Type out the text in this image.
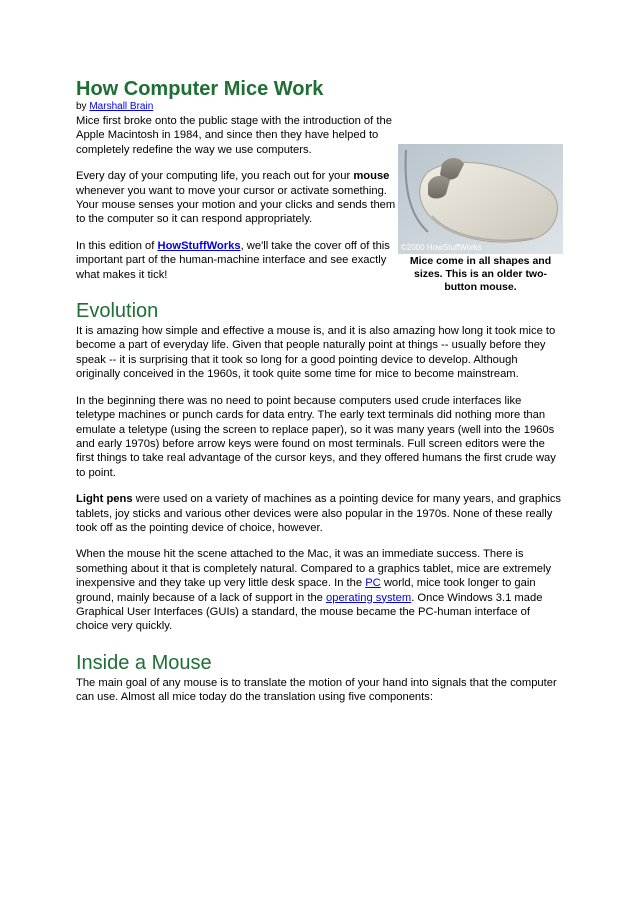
How Computer Mice Work
by Marshall Brain

Mice first broke onto the public stage with the introduction of the Apple Macintosh in 1984, and since then they have helped to completely redefine the way we use computers.

Every day of your computing life, you reach out for your mouse whenever you want to move your cursor or activate something. Your mouse senses your motion and your clicks and sends them to the computer so it can respond appropriately.

In this edition of HowStuffWorks, we'll take the cover off of this important part of the human-machine interface and see exactly what makes it tick!

©2000 HowStuffWorks
Mice come in all shapes and sizes. This is an older two-button mouse.
Evolution

It is amazing how simple and effective a mouse is, and it is also amazing how long it took mice to become a part of everyday life. Given that people naturally point at things -- usually before they speak -- it is surprising that it took so long for a good pointing device to develop. Although originally conceived in the 1960s, it took quite some time for mice to become mainstream.

In the beginning there was no need to point because computers used crude interfaces like teletype machines or punch cards for data entry. The early text terminals did nothing more than emulate a teletype (using the screen to replace paper), so it was many years (well into the 1960s and early 1970s) before arrow keys were found on most terminals. Full screen editors were the first things to take real advantage of the cursor keys, and they offered humans the first crude way to point.

Light pens were used on a variety of machines as a pointing device for many years, and graphics tablets, joy sticks and various other devices were also popular in the 1970s. None of these really took off as the pointing device of choice, however.

When the mouse hit the scene attached to the Mac, it was an immediate success. There is something about it that is completely natural. Compared to a graphics tablet, mice are extremely inexpensive and they take up very little desk space. In the PC world, mice took longer to gain ground, mainly because of a lack of support in the operating system. Once Windows 3.1 made Graphical User Interfaces (GUIs) a standard, the mouse became the PC-human interface of choice very quickly.

Inside a Mouse

The main goal of any mouse is to translate the motion of your hand into signals that the computer can use. Almost all mice today do the translation using five components:
